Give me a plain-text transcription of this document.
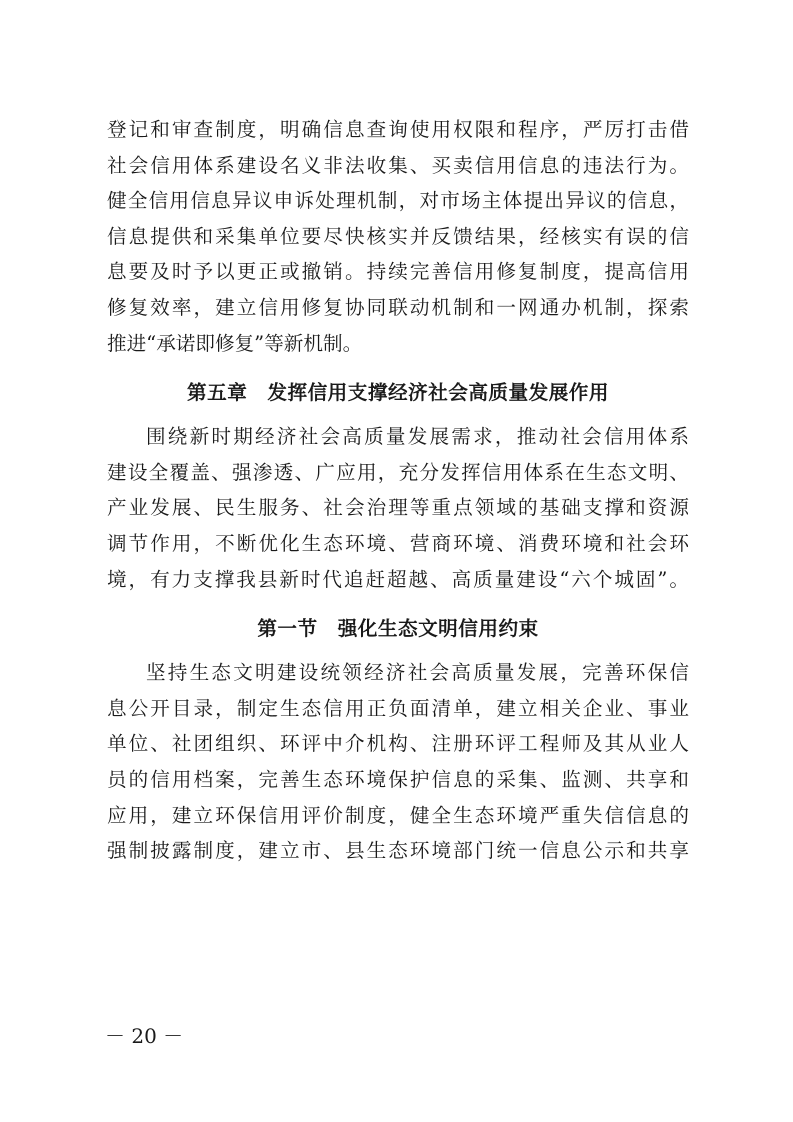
登记和审查制度，明确信息查询使用权限和程序，严厉打击借
社会信用体系建设名义非法收集、买卖信用信息的违法行为。
健全信用信息异议申诉处理机制，对市场主体提出异议的信息，
信息提供和采集单位要尽快核实并反馈结果，经核实有误的信
息要及时予以更正或撤销。持续完善信用修复制度，提高信用
修复效率，建立信用修复协同联动机制和一网通办机制，探索
推进“承诺即修复”等新机制。
第五章　发挥信用支撑经济社会高质量发展作用
围绕新时期经济社会高质量发展需求，推动社会信用体系
建设全覆盖、强渗透、广应用，充分发挥信用体系在生态文明、
产业发展、民生服务、社会治理等重点领域的基础支撑和资源
调节作用，不断优化生态环境、营商环境、消费环境和社会环
境，有力支撑我县新时代追赶超越、高质量建设“六个城固”。
第一节　强化生态文明信用约束
坚持生态文明建设统领经济社会高质量发展，完善环保信
息公开目录，制定生态信用正负面清单，建立相关企业、事业
单位、社团组织、环评中介机构、注册环评工程师及其从业人
员的信用档案，完善生态环境保护信息的采集、监测、共享和
应用，建立环保信用评价制度，健全生态环境严重失信信息的
强制披露制度，建立市、县生态环境部门统一信息公示和共享
－ 20 －
